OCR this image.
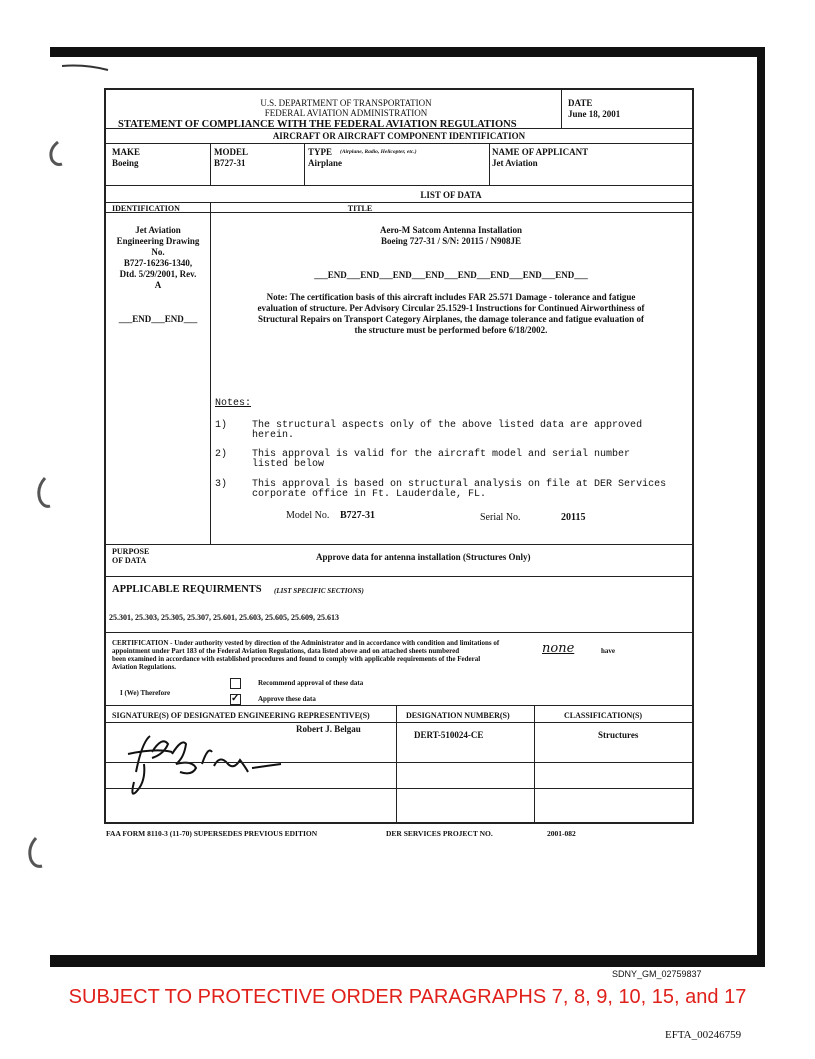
U.S. DEPARTMENT OF TRANSPORTATION
FEDERAL AVIATION ADMINISTRATION
STATEMENT OF COMPLIANCE WITH THE FEDERAL AVIATION REGULATIONS
DATE
June 18, 2001
AIRCRAFT OR AIRCRAFT COMPONENT IDENTIFICATION
MAKE
Boeing
MODEL
B727-31
TYPE (Airplane, Radio, Helicopter, etc.)
Airplane
NAME OF APPLICANT
Jet Aviation
LIST OF DATA
IDENTIFICATION	TITLE
Jet Aviation
Engineering Drawing
No.
B727-16236-1340,
Dtd. 5/29/2001, Rev.
A
___END___END___
Aero-M Satcom Antenna Installation
Boeing 727-31 / S/N: 20115 / N908JE
___END___END___END___END___END___END___END___END___
Note: The certification basis of this aircraft includes FAR 25.571 Damage - tolerance and fatigue
evaluation of structure. Per Advisory Circular 25.1529-1 Instructions for Continued Airworthiness of
Structural Repairs on Transport Category Airplanes, the damage tolerance and fatigue evaluation of
the structure must be performed before 6/18/2002.
Notes:
1) The structural aspects only of the above listed data are approved
herein.
2) This approval is valid for the aircraft model and serial number
listed below
3) This approval is based on structural analysis on file at DER Services
corporate office in Ft. Lauderdale, FL.
Model No. B727-31	Serial No.	20115
PURPOSE
OF DATA	Approve data for antenna installation (Structures Only)
APPLICABLE REQUIRMENTS (LIST SPECIFIC SECTIONS)
25.301, 25.303, 25.305, 25.307, 25.601, 25.603, 25.605, 25.609, 25.613
CERTIFICATION - Under authority vested by direction of the Administrator and in accordance with condition and limitations of
appointment under Part 183 of the Federal Aviation Regulations, data listed above and on attached sheets numbered	none	have
been examined in accordance with established procedures and found to comply with applicable requirements of the Federal
Aviation Regulations.
I (We) Therefore
Recommend approval of these data
✓	Approve these data
SIGNATURE(S) OF DESIGNATED ENGINEERING REPRESENTIVE(S)	DESIGNATION NUMBER(S)	CLASSIFICATION(S)
Robert J. Belgau
DERT-510024-CE	Structures
FAA FORM 8110-3 (11-70) SUPERSEDES PREVIOUS EDITION	DER SERVICES PROJECT NO.	2001-082
SDNY_GM_02759837
SUBJECT TO PROTECTIVE ORDER PARAGRAPHS 7, 8, 9, 10, 15, and 17
EFTA_00246759
